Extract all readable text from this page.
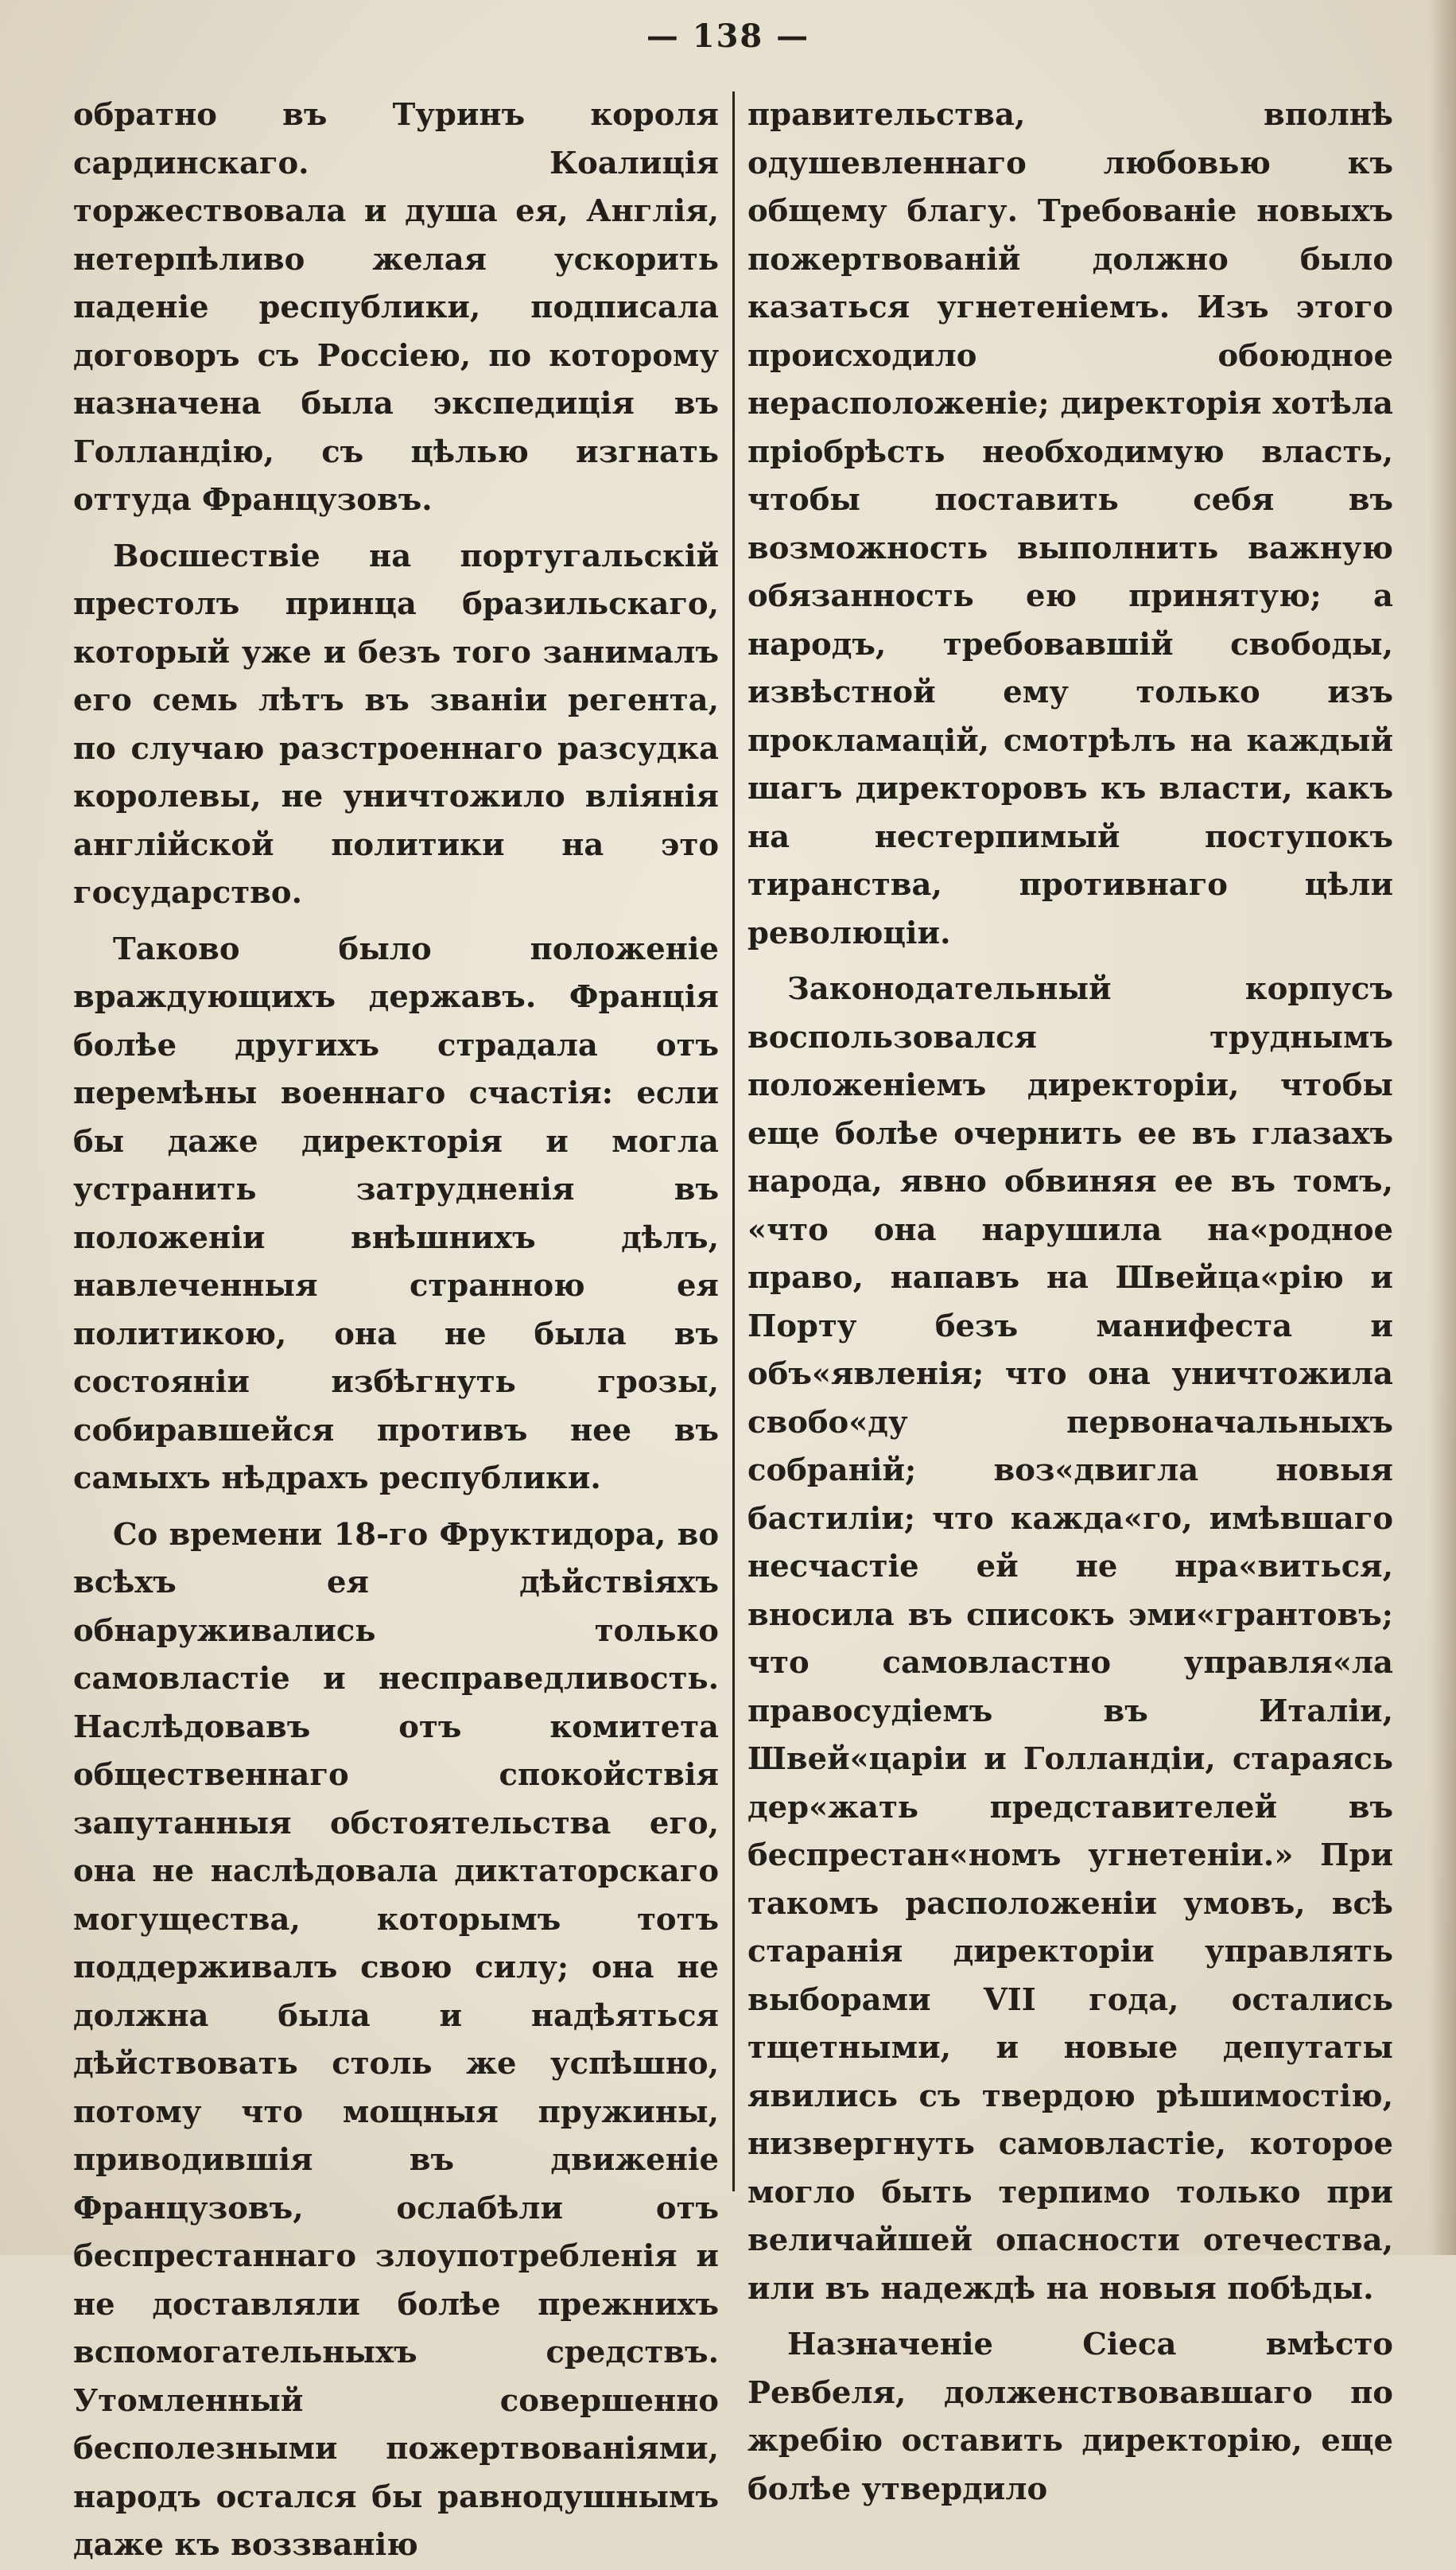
— 138 —

обратно въ Туринъ короля сардинскаго. Коалиція торжествовала и душа ея, Англія, нетерпѣливо желая ускорить паденіе республики, подписала договоръ съ Россіею, по которому назначена была экспедиція въ Голландію, съ цѣлью изгнать оттуда Французовъ.

Восшествіе на португальскій престолъ принца бразильскаго, который уже и безъ того занималъ его семь лѣтъ въ званіи регента, по случаю разстроеннаго разсудка королевы, не уничтожило вліянія англійской политики на это государство.

Таково было положеніе враждующихъ державъ. Франція болѣе другихъ страдала отъ перемѣны военнаго счастія: если бы даже директорія и могла устранить затрудненія въ положеніи внѣшнихъ дѣлъ, навлеченныя странною ея политикою, она не была въ состояніи избѣгнуть грозы, собиравшейся противъ нее въ самыхъ нѣдрахъ республики.

Со времени 18-го Фруктидора, во всѣхъ ея дѣйствіяхъ обнаруживались только самовластіе и несправедливость. Наслѣдовавъ отъ комитета общественнаго спокойствія запутанныя обстоятельства его, она не наслѣдовала диктаторскаго могущества, которымъ тотъ поддерживалъ свою силу; она не должна была и надѣяться дѣйствовать столь же успѣшно, потому что мощныя пружины, приводившія въ движеніе Французовъ, ослабѣли отъ беспрестаннаго злоупотребленія и не доставляли болѣе прежнихъ вспомогательныхъ средствъ. Утомленный совершенно бесполезными пожертвованіями, народъ остался бы равнодушнымъ даже къ воззванію

правительства, вполнѣ одушевленнаго любовью къ общему благу. Требованіе новыхъ пожертвованій должно было казаться угнетеніемъ. Изъ этого происходило обоюдное нерасположеніе; директорія хотѣла пріобрѣсть необходимую власть, чтобы поставить себя въ возможность выполнить важную обязанность ею принятую; а народъ, требовавшій свободы, извѣстной ему только изъ прокламацій, смотрѣлъ на каждый шагъ директоровъ къ власти, какъ на нестерпимый поступокъ тиранства, противнаго цѣли революціи.

Законодательный корпусъ воспользовался труднымъ положеніемъ директоріи, чтобы еще болѣе очернить ее въ глазахъ народа, явно обвиняя ее въ томъ, «что она нарушила на«родное право, напавъ на Швейца«рію и Порту безъ манифеста и объ«явленія; что она уничтожила свобо«ду первоначальныхъ собраній; воз«двигла новыя бастиліи; что кажда«го, имѣвшаго несчастіе ей не нра«виться, вносила въ списокъ эми«грантовъ; что самовластно управля«ла правосудіемъ въ Италіи, Швей«царіи и Голландіи, стараясь дер«жать представителей въ беспрестан«номъ угнетеніи.» При такомъ расположеніи умовъ, всѣ старанія директоріи управлять выборами VII года, остались тщетными, и новые депутаты явились съ твердою рѣшимостію, низвергнуть самовластіе, которое могло быть терпимо только при величайшей опасности отечества, или въ надеждѣ на новыя побѣды.

Назначеніе Сіеса вмѣсто Ревбеля, долженствовавшаго по жребію оставить директорію, еще болѣе утвердило
